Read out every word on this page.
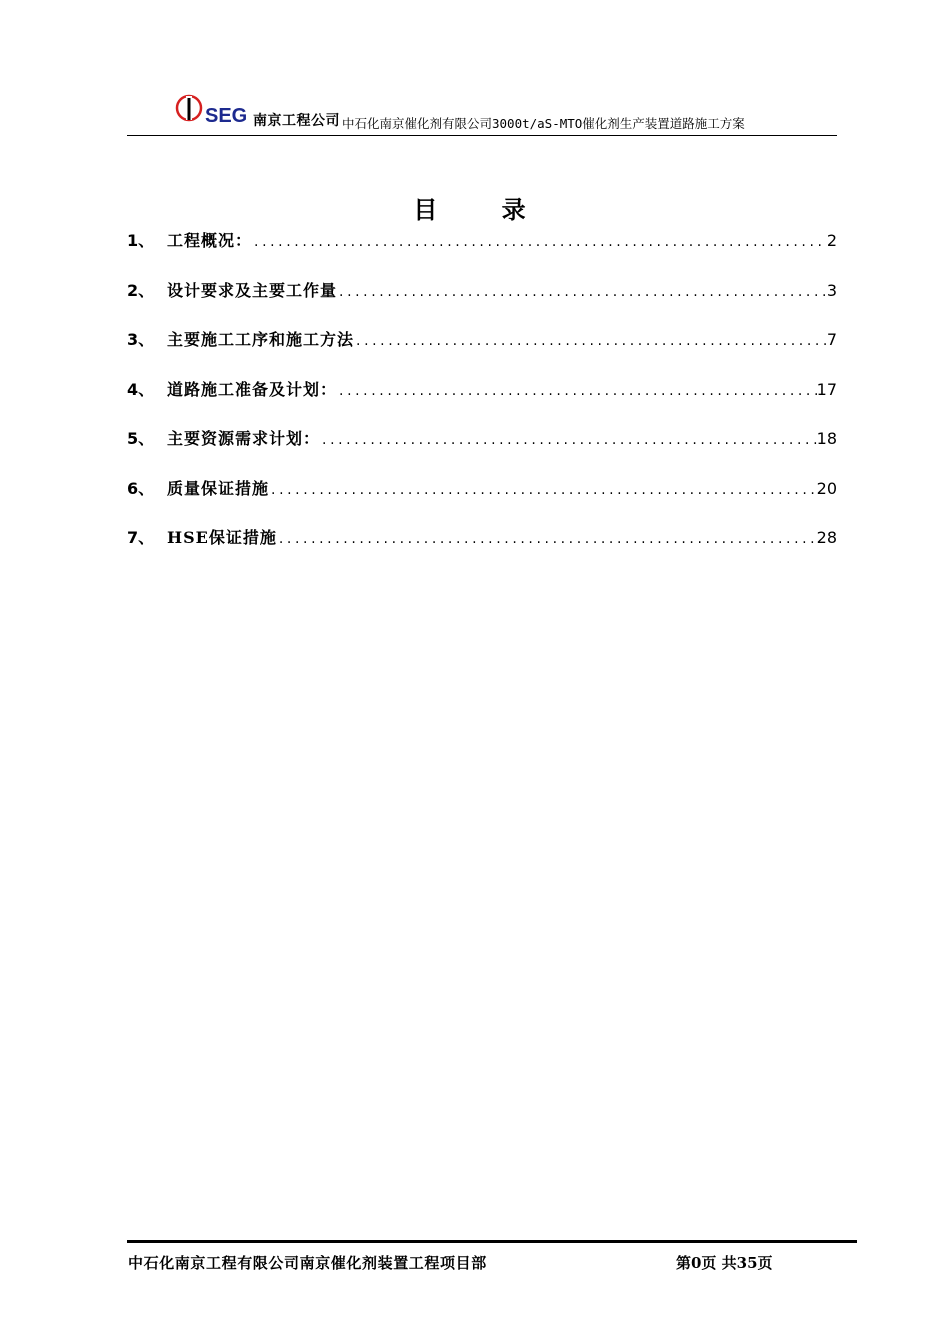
SEG 南京工程公司 中石化南京催化剂有限公司3000t/aS-MTO催化剂生产装置道路施工方案
目 录
1、 工程概况： .....	2
2、 设计要求及主要工作量 .....	3
3、 主要施工工序和施工方法 .....	7
4、 道路施工准备及计划： .....	17
5、 主要资源需求计划： .....	18
6、 质量保证措施 .....	20
7、 HSE保证措施 .....	28
中石化南京工程有限公司南京催化剂装置工程项目部	第0页 共35页
